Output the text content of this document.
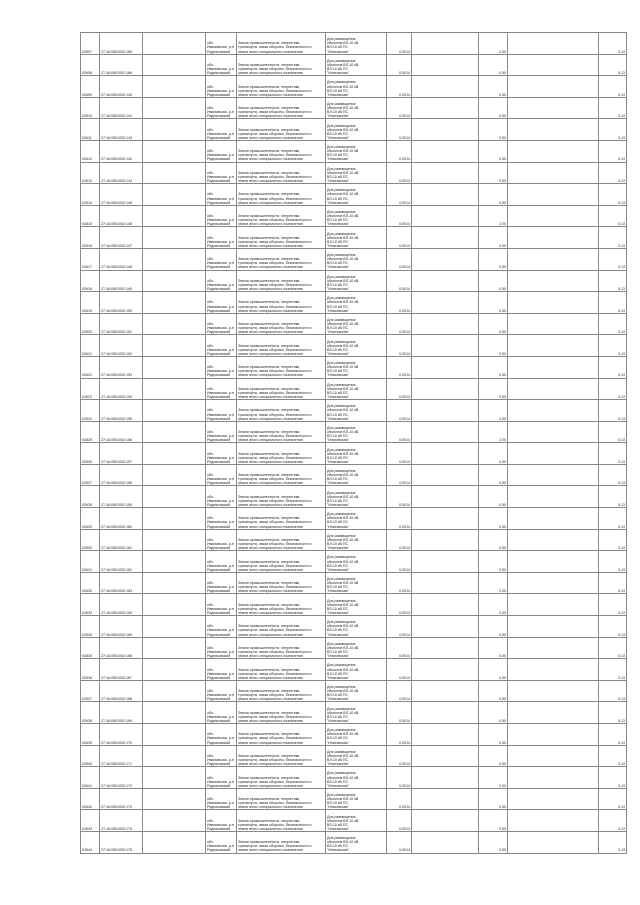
02607	27:16:0501002:165		обл. Ивановская, р-н
Родниковский	Земли промышленности, энергетики,
транспорта, связи обороны, безопасности и
земли иного специального назначения	Для размещения
объектов ВЛ-10 кВ,
ВЛ-10 кВ ПС
"Ипатовская"	0,0014		2,00		0,13
02608	27:16:0501002:166		обл. Ивановская, р-н
Родниковский	Земли промышленности, энергетики,
транспорта, связи обороны, безопасности и
земли иного специального назначения	Для размещения
объектов ВЛ-10 кВ,
ВЛ-10 кВ ПС
"Ипатовская"	0,0014		0,50		0,13
02609	27:16:0501002:140		обл. Ивановская, р-н
Родниковский	Земли промышленности, энергетики,
транспорта, связи обороны, безопасности и
земли иного специального назначения	Для размещения
объектов ВЛ-10 кВ,
ВЛ-10 кВ ПС
"Ипатовская"	0,0014		0,50		0,13
02610	27:16:0501002:141		обл. Ивановская, р-н
Родниковский	Земли промышленности, энергетики,
транспорта, связи обороны, безопасности и
земли иного специального назначения	Для размещения
объектов ВЛ-10 кВ,
ВЛ-10 кВ ПС
"Ипатовская"	0,0014		0,50		0,13
02611	27:16:0501002:143		обл. Ивановская, р-н
Родниковский	Земли промышленности, энергетики,
транспорта, связи обороны, безопасности и
земли иного специального назначения	Для размещения
объектов ВЛ-10 кВ,
ВЛ-10 кВ ПС
"Ипатовская"	0,0014		0,50		0,13
02612	27:16:0501002:142		обл. Ивановская, р-н
Родниковский	Земли промышленности, энергетики,
транспорта, связи обороны, безопасности и
земли иного специального назначения	Для размещения
объектов ВЛ-10 кВ,
ВЛ-10 кВ ПС
"Ипатовская"	0,0014		0,50		0,13
02613	27:16:0501002:144		обл. Ивановская, р-н
Родниковский	Земли промышленности, энергетики,
транспорта, связи обороны, безопасности и
земли иного специального назначения	Для размещения
объектов ВЛ-10 кВ,
ВЛ-10 кВ ПС
"Ипатовская"	0,0014		0,50		0,13
02614	27:16:0501002:145		обл. Ивановская, р-н
Родниковский	Земли промышленности, энергетики,
транспорта, связи обороны, безопасности и
земли иного специального назначения	Для размещения
объектов ВЛ-10 кВ,
ВЛ-10 кВ ПС
"Ипатовская"	0,0014		0,50		0,13
02615	27:16:0501002:146		обл. Ивановская, р-н
Родниковский	Земли промышленности, энергетики,
транспорта, связи обороны, безопасности и
земли иного специального назначения	Для размещения
объектов ВЛ-10 кВ,
ВЛ-10 кВ ПС
"Ипатовская"	0,0014		2,00		0,13
02616	27:16:0501002:147		обл. Ивановская, р-н
Родниковский	Земли промышленности, энергетики,
транспорта, связи обороны, безопасности и
земли иного специального назначения	Для размещения
объектов ВЛ-10 кВ,
ВЛ-10 кВ ПС
"Ипатовская"	0,0014		2,00		0,13
02617	27:16:0501002:148		обл. Ивановская, р-н
Родниковский	Земли промышленности, энергетики,
транспорта, связи обороны, безопасности и
земли иного специального назначения	Для размещения
объектов ВЛ-10 кВ,
ВЛ-10 кВ ПС
"Ипатовская"	0,0014		0,50		0,13
02618	27:16:0501002:149		обл. Ивановская, р-н
Родниковский	Земли промышленности, энергетики,
транспорта, связи обороны, безопасности и
земли иного специального назначения	Для размещения
объектов ВЛ-10 кВ,
ВЛ-10 кВ ПС
"Ипатовская"	0,0014		0,50		0,13
02619	27:16:0501002:150		обл. Ивановская, р-н
Родниковский	Земли промышленности, энергетики,
транспорта, связи обороны, безопасности и
земли иного специального назначения	Для размещения
объектов ВЛ-10 кВ,
ВЛ-10 кВ ПС
"Ипатовская"	0,0014		0,50		0,13
02620	27:16:0501002:151		обл. Ивановская, р-н
Родниковский	Земли промышленности, энергетики,
транспорта, связи обороны, безопасности и
земли иного специального назначения	Для размещения
объектов ВЛ-10 кВ,
ВЛ-10 кВ ПС
"Ипатовская"	0,0014		0,50		0,13
02621	27:16:0501002:152		обл. Ивановская, р-н
Родниковский	Земли промышленности, энергетики,
транспорта, связи обороны, безопасности и
земли иного специального назначения	Для размещения
объектов ВЛ-10 кВ,
ВЛ-10 кВ ПС
"Ипатовская"	0,0014		0,50		0,13
02622	27:16:0501002:153		обл. Ивановская, р-н
Родниковский	Земли промышленности, энергетики,
транспорта, связи обороны, безопасности и
земли иного специального назначения	Для размещения
объектов ВЛ-10 кВ,
ВЛ-10 кВ ПС
"Ипатовская"	0,0014		0,50		0,13
02623	27:16:0501002:154		обл. Ивановская, р-н
Родниковский	Земли промышленности, энергетики,
транспорта, связи обороны, безопасности и
земли иного специального назначения	Для размещения
объектов ВЛ-10 кВ,
ВЛ-10 кВ ПС
"Ипатовская"	0,0014		0,50		0,13
02624	27:16:0501002:155		обл. Ивановская, р-н
Родниковский	Земли промышленности, энергетики,
транспорта, связи обороны, безопасности и
земли иного специального назначения	Для размещения
объектов ВЛ-10 кВ,
ВЛ-10 кВ ПС
"Ипатовская"	0,0014		2,00		0,13
02625	27:16:0501002:156		обл. Ивановская, р-н
Родниковский	Земли промышленности, энергетики,
транспорта, связи обороны, безопасности и
земли иного специального назначения	Для размещения
объектов ВЛ-10 кВ,
ВЛ-10 кВ ПС
"Ипатовская"	0,0014		2,00		0,13
02626	27:16:0501002:157		обл. Ивановская, р-н
Родниковский	Земли промышленности, энергетики,
транспорта, связи обороны, безопасности и
земли иного специального назначения	Для размещения
объектов ВЛ-10 кВ,
ВЛ-10 кВ ПС
"Ипатовская"	0,0014		0,50		0,13
02627	27:16:0501002:158		обл. Ивановская, р-н
Родниковский	Земли промышленности, энергетики,
транспорта, связи обороны, безопасности и
земли иного специального назначения	Для размещения
объектов ВЛ-10 кВ,
ВЛ-10 кВ ПС
"Ипатовская"	0,0014		0,50		0,13
02628	27:16:0501002:159		обл. Ивановская, р-н
Родниковский	Земли промышленности, энергетики,
транспорта, связи обороны, безопасности и
земли иного специального назначения	Для размещения
объектов ВЛ-10 кВ,
ВЛ-10 кВ ПС
"Ипатовская"	0,0014		0,50		0,13
02629	27:16:0501002:160		обл. Ивановская, р-н
Родниковский	Земли промышленности, энергетики,
транспорта, связи обороны, безопасности и
земли иного специального назначения	Для размещения
объектов ВЛ-10 кВ,
ВЛ-10 кВ ПС
"Ипатовская"	0,0014		0,50		0,13
02630	27:16:0501002:161		обл. Ивановская, р-н
Родниковский	Земли промышленности, энергетики,
транспорта, связи обороны, безопасности и
земли иного специального назначения	Для размещения
объектов ВЛ-10 кВ,
ВЛ-10 кВ ПС
"Ипатовская"	0,0014		0,50		0,13
02631	27:16:0501002:162		обл. Ивановская, р-н
Родниковский	Земли промышленности, энергетики,
транспорта, связи обороны, безопасности и
земли иного специального назначения	Для размещения
объектов ВЛ-10 кВ,
ВЛ-10 кВ ПС
"Ипатовская"	0,0014		0,50		0,13
02632	27:16:0501002:163		обл. Ивановская, р-н
Родниковский	Земли промышленности, энергетики,
транспорта, связи обороны, безопасности и
земли иного специального назначения	Для размещения
объектов ВЛ-10 кВ,
ВЛ-10 кВ ПС
"Ипатовская"	0,0014		2,00		0,13
02633	27:16:0501002:164		обл. Ивановская, р-н
Родниковский	Земли промышленности, энергетики,
транспорта, связи обороны, безопасности и
земли иного специального назначения	Для размещения
объектов ВЛ-10 кВ,
ВЛ-10 кВ ПС
"Ипатовская"	0,0014		2,00		0,13
02634	27:16:0501002:165		обл. Ивановская, р-н
Родниковский	Земли промышленности, энергетики,
транспорта, связи обороны, безопасности и
земли иного специального назначения	Для размещения
объектов ВЛ-10 кВ,
ВЛ-10 кВ ПС
"Ипатовская"	0,0014		0,50		0,13
02635	27:16:0501002:166		обл. Ивановская, р-н
Родниковский	Земли промышленности, энергетики,
транспорта, связи обороны, безопасности и
земли иного специального назначения	Для размещения
объектов ВЛ-10 кВ,
ВЛ-10 кВ ПС
"Ипатовская"	0,0014		0,50		0,13
02636	27:16:0501002:167		обл. Ивановская, р-н
Родниковский	Земли промышленности, энергетики,
транспорта, связи обороны, безопасности и
земли иного специального назначения	Для размещения
объектов ВЛ-10 кВ,
ВЛ-10 кВ ПС
"Ипатовская"	0,0014		0,50		0,13
02637	27:16:0501002:168		обл. Ивановская, р-н
Родниковский	Земли промышленности, энергетики,
транспорта, связи обороны, безопасности и
земли иного специального назначения	Для размещения
объектов ВЛ-10 кВ,
ВЛ-10 кВ ПС
"Ипатовская"	0,0014		0,50		0,13
02638	27:16:0501002:169		обл. Ивановская, р-н
Родниковский	Земли промышленности, энергетики,
транспорта, связи обороны, безопасности и
земли иного специального назначения	Для размещения
объектов ВЛ-10 кВ,
ВЛ-10 кВ ПС
"Ипатовская"	0,0014		0,50		0,13
02639	27:16:0501002:170		обл. Ивановская, р-н
Родниковский	Земли промышленности, энергетики,
транспорта, связи обороны, безопасности и
земли иного специального назначения	Для размещения
объектов ВЛ-10 кВ,
ВЛ-10 кВ ПС
"Ипатовская"	0,0014		0,50		0,13
02640	27:16:0501002:171		обл. Ивановская, р-н
Родниковский	Земли промышленности, энергетики,
транспорта, связи обороны, безопасности и
земли иного специального назначения	Для размещения
объектов ВЛ-10 кВ,
ВЛ-10 кВ ПС
"Ипатовская"	0,0014		0,50		0,13
02641	27:16:0501002:172		обл. Ивановская, р-н
Родниковский	Земли промышленности, энергетики,
транспорта, связи обороны, безопасности и
земли иного специального назначения	Для размещения
объектов ВЛ-10 кВ,
ВЛ-10 кВ ПС
"Ипатовская"	0,0014		2,00		0,13
02642	27:16:0501002:173		обл. Ивановская, р-н
Родниковский	Земли промышленности, энергетики,
транспорта, связи обороны, безопасности и
земли иного специального назначения	Для размещения
объектов ВЛ-10 кВ,
ВЛ-10 кВ ПС
"Ипатовская"	0,0014		0,50		0,13
02643	27:16:0501002:174		обл. Ивановская, р-н
Родниковский	Земли промышленности, энергетики,
транспорта, связи обороны, безопасности и
земли иного специального назначения	Для размещения
объектов ВЛ-10 кВ,
ВЛ-10 кВ ПС
"Ипатовская"	0,0014		0,50		0,13
02644	27:16:0501002:175		обл. Ивановская, р-н
Родниковский	Земли промышленности, энергетики,
транспорта, связи обороны, безопасности и
земли иного специального назначения	Для размещения
объектов ВЛ-10 кВ,
ВЛ-10 кВ ПС
"Ипатовская"	0,0014		0,50		0,13
